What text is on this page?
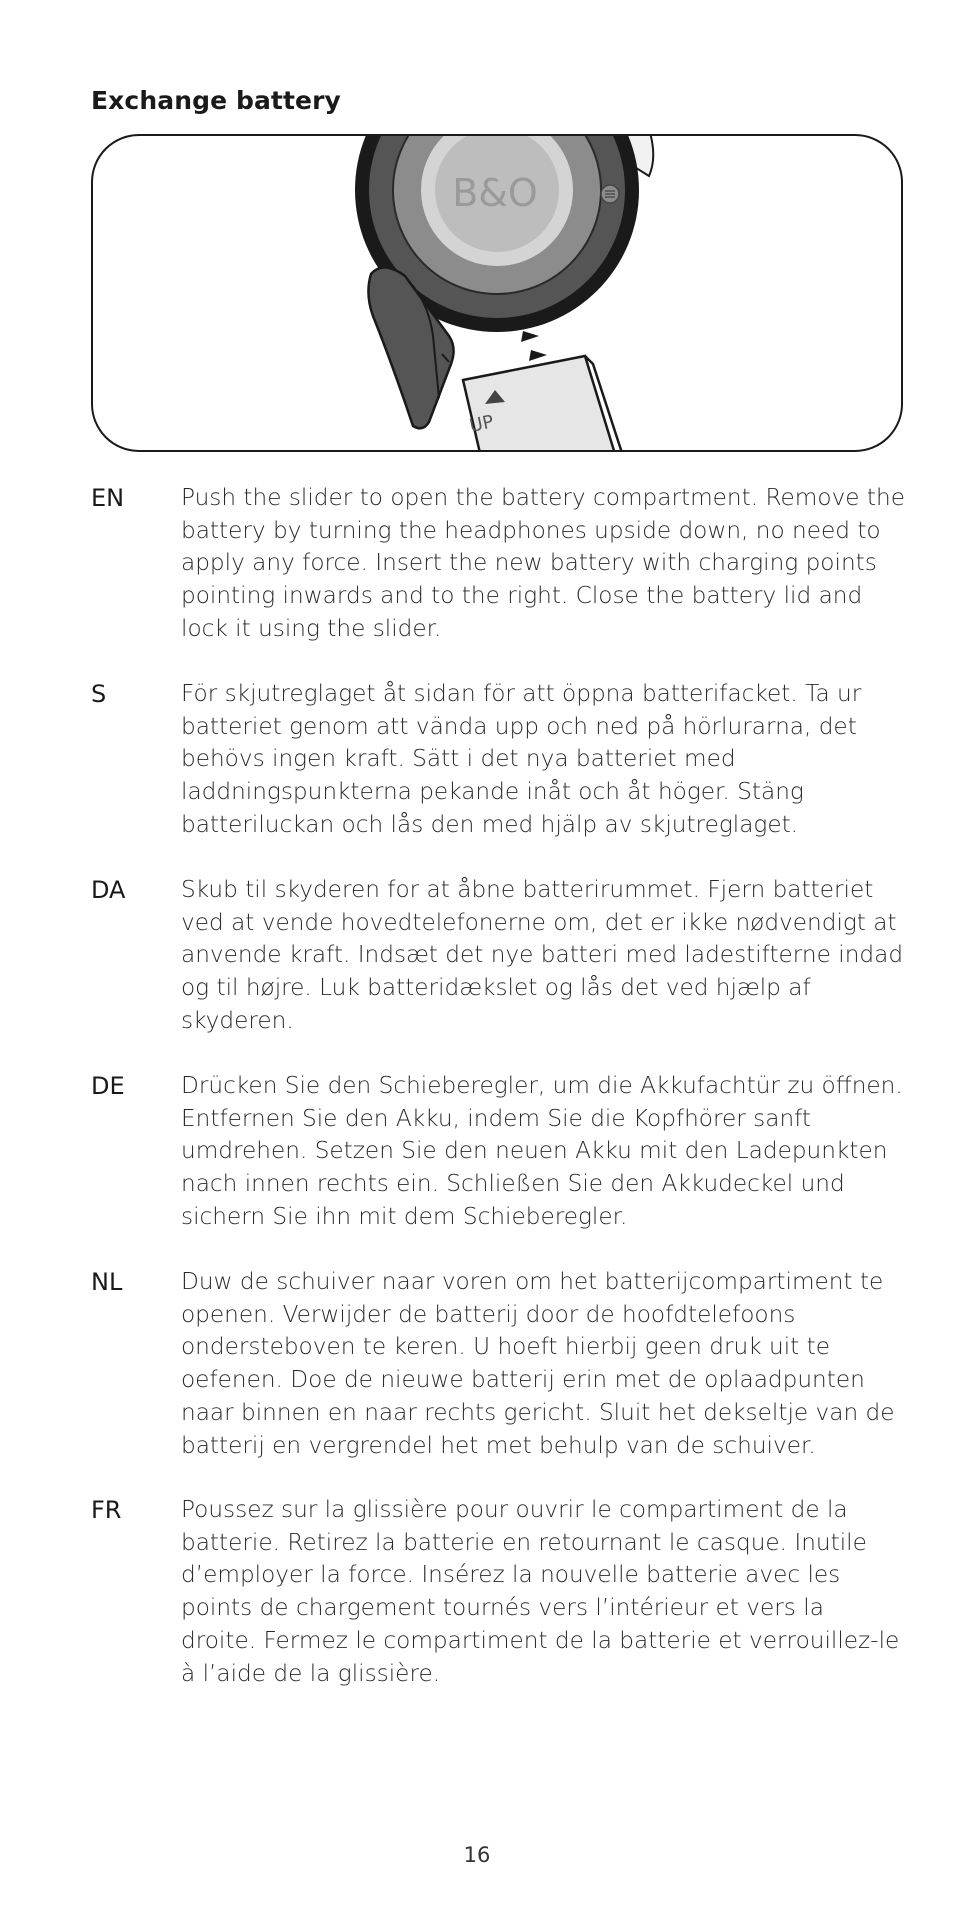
Exchange battery
B&O
UP
EN Push the slider to open the battery compartment. Remove the battery by turning the headphones upside down, no need to apply any force. Insert the new battery with charging points pointing inwards and to the right. Close the battery lid and lock it using the slider.
S	För skjutreglaget åt sidan för att öppna batterifacket. Ta ur batteriet genom att vända upp och ned på hörlurarna, det behövs ingen kraft. Sätt i det nya batteriet med laddningspunkterna pekande inåt och åt höger. Stäng batteriluckan och lås den med hjälp av skjutreglaget.
DA Skub til skyderen for at åbne batterirummet. Fjern batteriet ved at vende hovedtelefonerne om, det er ikke nødvendigt at anvende kraft. Indsæt det nye batteri med ladestifterne indad og til højre. Luk batteridækslet og lås det ved hjælp af skyderen.
DE Drücken Sie den Schieberegler, um die Akkufachtür zu öffnen. Entfernen Sie den Akku, indem Sie die Kopfhörer sanft umdrehen. Setzen Sie den neuen Akku mit den Ladepunkten nach innen rechts ein. Schließen Sie den Akkudeckel und sichern Sie ihn mit dem Schieberegler.
NL	Duw de schuiver naar voren om het batterijcompartiment te openen. Verwijder de batterij door de hoofdtelefoons ondersteboven te keren. U hoeft hierbij geen druk uit te oefenen. Doe de nieuwe batterij erin met de oplaadpunten naar binnen en naar rechts gericht. Sluit het dekseltje van de batterij en vergrendel het met behulp van de schuiver.
FR	Poussez sur la glissière pour ouvrir le compartiment de la batterie. Retirez la batterie en retournant le casque. Inutile d’employer la force. Insérez la nouvelle batterie avec les points de chargement tournés vers l’intérieur et vers la droite. Fermez le compartiment de la batterie et verrouillez-le à l’aide de la glissière.
16
